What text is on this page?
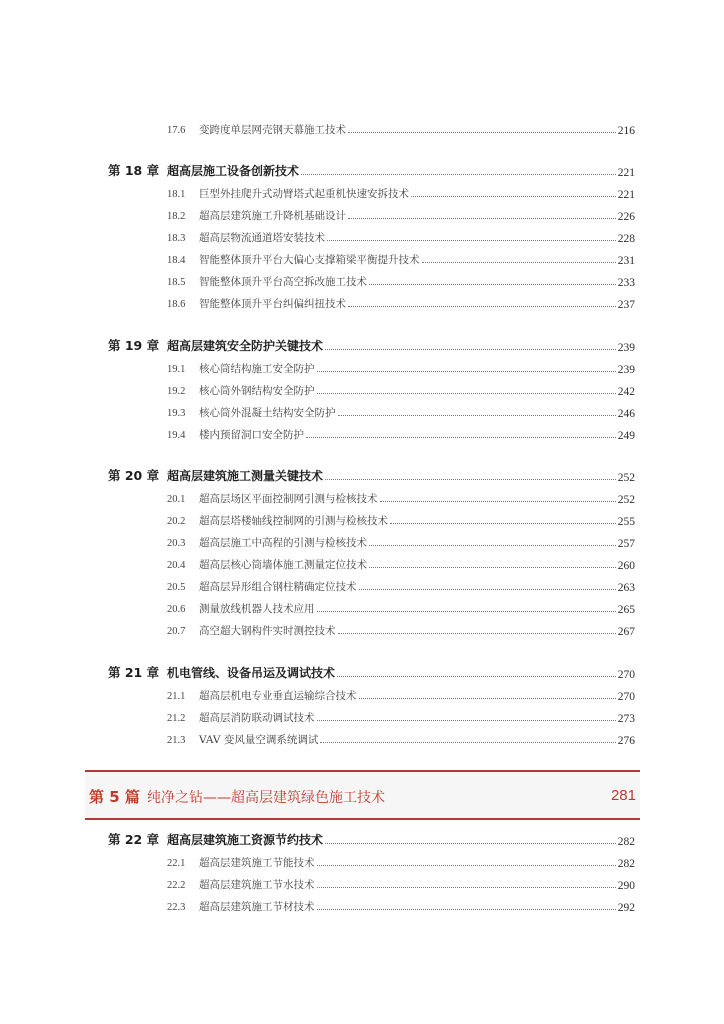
17.6 变跨度单层网壳钢天幕施工技术	216
第 18 章 超高层施工设备创新技术	221
18.1 巨型外挂爬升式动臂塔式起重机快速安拆技术	221
18.2 超高层建筑施工升降机基础设计	226
18.3 超高层物流通道塔安装技术	228
18.4 智能整体顶升平台大偏心支撑箱梁平衡提升技术	231
18.5 智能整体顶升平台高空拆改施工技术	233
18.6 智能整体顶升平台纠偏纠扭技术	237
第 19 章 超高层建筑安全防护关键技术	239
19.1 核心筒结构施工安全防护	239
19.2 核心筒外钢结构安全防护	242
19.3 核心筒外混凝土结构安全防护	246
19.4 楼内预留洞口安全防护	249
第 20 章 超高层建筑施工测量关键技术	252
20.1 超高层场区平面控制网引测与检核技术	252
20.2 超高层塔楼轴线控制网的引测与检核技术	255
20.3 超高层施工中高程的引测与检核技术	257
20.4 超高层核心筒墙体施工测量定位技术	260
20.5 超高层异形组合钢柱精确定位技术	263
20.6 测量放线机器人技术应用	265
20.7 高空超大钢构件实时测控技术	267
第 21 章 机电管线、设备吊运及调试技术	270
21.1 超高层机电专业垂直运输综合技术	270
21.2 超高层消防联动调试技术	273
21.3 VAV 变风量空调系统调试	276
第 5 篇 纯净之钻——超高层建筑绿色施工技术	281
第 22 章 超高层建筑施工资源节约技术	282
22.1 超高层建筑施工节能技术	282
22.2 超高层建筑施工节水技术	290
22.3 超高层建筑施工节材技术	292
